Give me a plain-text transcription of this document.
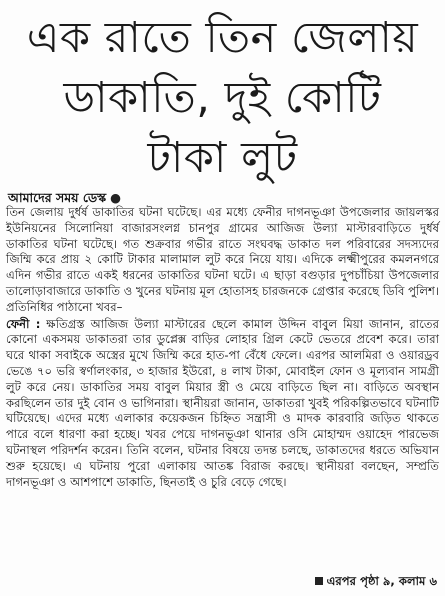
এক রাতে তিন জেলায়
ডাকাতি, দুই কোটি
টাকা লুট
আমাদের সময় ডেস্ক ●

তিন জেলায় দুর্ধর্ষ ডাকাতির ঘটনা ঘটেছে। এর মধ্যে ফেনীর দাগনভূঞা উপজেলার জায়লস্কর ইউনিয়নের সিলোনিয়া বাজারসংলগ্ন চানপুর গ্রামের আজিজ উল্যা মাস্টারবাড়িতে দুর্ধর্ষ ডাকাতির ঘটনা ঘটেছে। গত শুক্রবার গভীর রাতে সংঘবদ্ধ ডাকাত দল পরিবারের সদস্যদের জিম্মি করে প্রায় ২ কোটি টাকার মালামাল লুট করে নিয়ে যায়। এদিকে লক্ষ্মীপুরের কমলনগরে এদিন গভীর রাতে একই ধরনের ডাকাতির ঘটনা ঘটে। এ ছাড়া বগুড়ার দুপচাঁচিয়া উপজেলার তালোড়াবাজারে ডাকাতি ও খুনের ঘটনায় মূল হোতাসহ চারজনকে গ্রেপ্তার করেছে ডিবি পুলিশ। প্রতিনিধির পাঠানো খবর–

ফেনী : ক্ষতিগ্রস্ত আজিজ উল্যা মাস্টারের ছেলে কামাল উদ্দিন বাবুল মিয়া জানান, রাতের কোনো একসময় ডাকাতরা তার ডুপ্লেক্স বাড়ির লোহার গ্রিল কেটে ভেতরে প্রবেশ করে। তারা ঘরে থাকা সবাইকে অস্ত্রের মুখে জিম্মি করে হাত-পা বেঁধে ফেলে। এরপর আলমিরা ও ওয়ারড্রব ভেঙে ৭০ ভরি স্বর্ণালংকার, ৩ হাজার ইউরো, ৪ লাখ টাকা, মোবাইল ফোন ও মূল্যবান সামগ্রী লুট করে নেয়। ডাকাতির সময় বাবুল মিয়ার স্ত্রী ও মেয়ে বাড়িতে ছিল না। বাড়িতে অবস্থান করছিলেন তার দুই বোন ও ভাগিনারা। স্থানীয়রা জানান, ডাকাতরা খুবই পরিকল্পিতভাবে ঘটনাটি ঘটিয়েছে। এদের মধ্যে এলাকার কয়েকজন চিহ্নিত সন্ত্রাসী ও মাদক কারবারি জড়িত থাকতে পারে বলে ধারণা করা হচ্ছে। খবর পেয়ে দাগনভূঞা থানার ওসি মোহাম্মদ ওয়াহেদ পারভেজ ঘটনাস্থল পরিদর্শন করেন। তিনি বলেন, ঘটনার বিষয়ে তদন্ত চলছে, ডাকাতদের ধরতে অভিযান শুরু হয়েছে। এ ঘটনায় পুরো এলাকায় আতঙ্ক বিরাজ করছে। স্থানীয়রা বলছেন, সম্প্রতি দাগনভূঞা ও আশপাশে ডাকাতি, ছিনতাই ও চুরি বেড়ে গেছে।

এরপর পৃষ্ঠা ৯, কলাম ৬
